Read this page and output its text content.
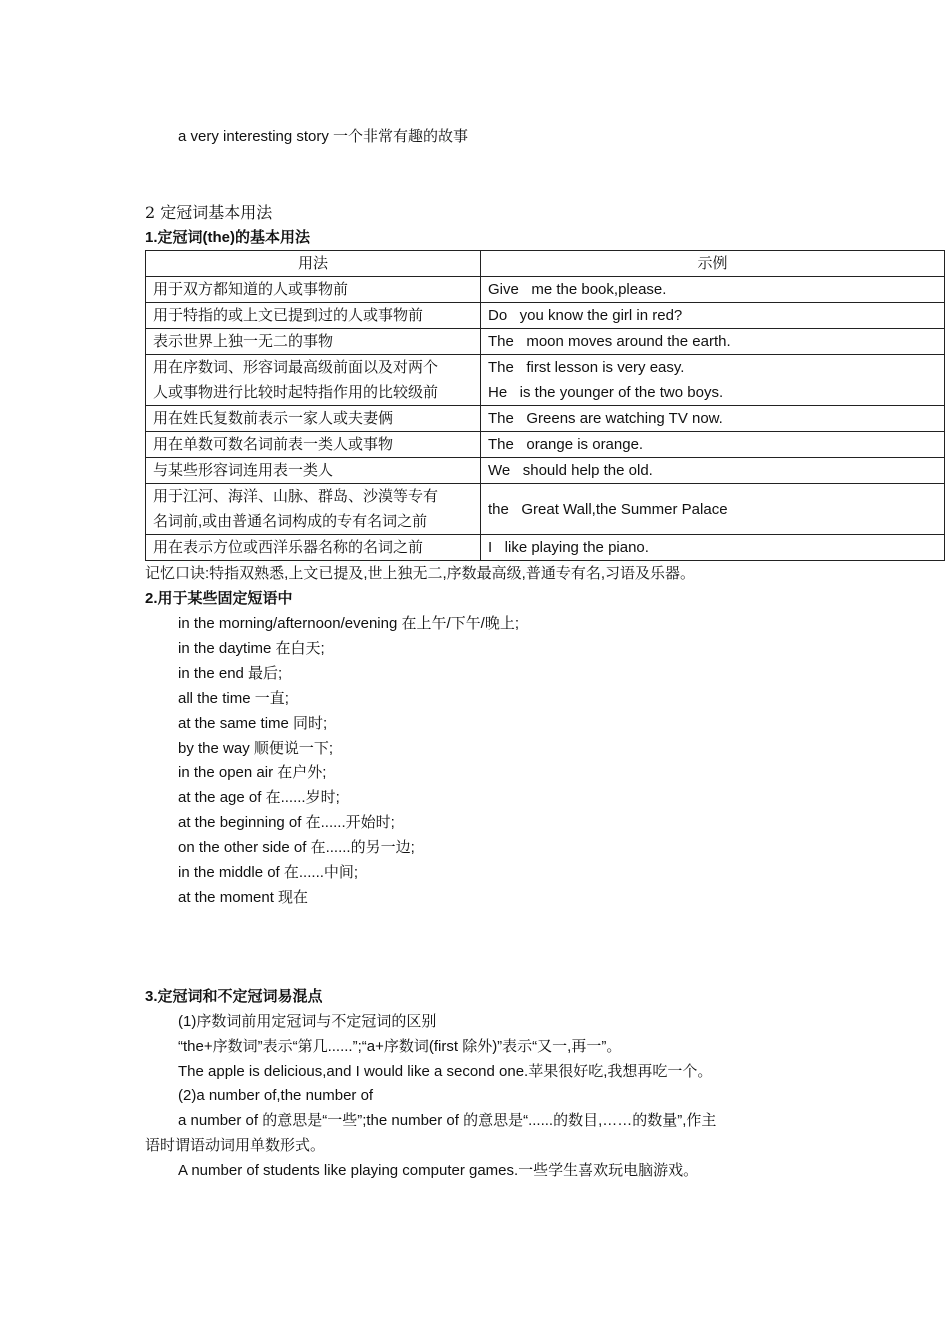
a very interesting story 一个非常有趣的故事
2 定冠词基本用法
1.定冠词(the)的基本用法
用法	示例

用于双方都知道的人或事物前	Give   me the book,please.

用于特指的或上文已提到过的人或事物前	Do   you know the girl in red?

表示世界上独一无二的事物	The   moon moves around the earth.

用在序数词、形容词最高级前面以及对两个
人或事物进行比较时起特指作用的比较级前	The   first lesson is very easy.
He   is the younger of the two boys.

用在姓氏复数前表示一家人或夫妻俩	The   Greens are watching TV now.

用在单数可数名词前表一类人或事物	The   orange is orange.

与某些形容词连用表一类人	We   should help the old.

用于江河、海洋、山脉、群岛、沙漠等专有
名词前,或由普通名词构成的专有名词之前	the   Great Wall,the Summer Palace

用在表示方位或西洋乐器名称的名词之前	I   like playing the piano.
记忆口诀:特指双熟悉,上文已提及,世上独无二,序数最高级,普通专有名,习语及乐器。
2.用于某些固定短语中
in the morning/afternoon/evening 在上午/下午/晚上;
in the daytime 在白天;
in the end 最后;
all the time 一直;
at the same time 同时;
by the way 顺便说一下;
in the open air 在户外;
at the age of 在......岁时;
at the beginning of 在......开始时;
on the other side of 在......的另一边;
in the middle of 在......中间;
at the moment 现在
3.定冠词和不定冠词易混点
(1)序数词前用定冠词与不定冠词的区别
“the+序数词”表示“第几......”;“a+序数词(first 除外)”表示“又一,再一”。
The apple is delicious,and I would like a second one.苹果很好吃,我想再吃一个。
(2)a number of,the number of
a number of 的意思是“一些”;the number of 的意思是“......的数目,……的数量”,作主
语时谓语动词用单数形式。
A number of students like playing computer games.一些学生喜欢玩电脑游戏。
